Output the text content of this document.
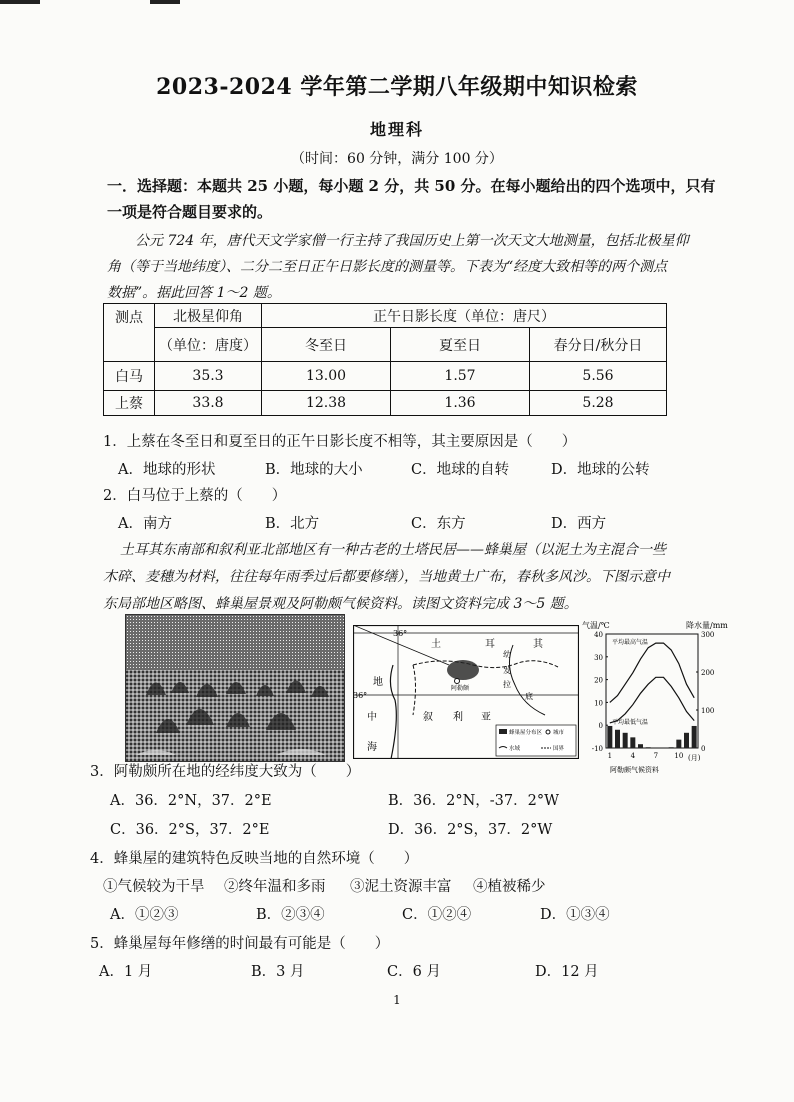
2023-2024 学年第二学期八年级期中知识检索
地理科
（时间：60 分钟，满分 100 分）
一．选择题：本题共 25 小题，每小题 2 分，共 50 分。在每小题给出的四个选项中，只有
一项是符合题目要求的。
公元 724 年，唐代天文学家僧一行主持了我国历史上第一次天文大地测量，包括北极星仰
角（等于当地纬度）、二分二至日正午日影长度的测量等。下表为“经度大致相等的两个测点
数据”。据此回答 1～2 题。
测点	北极星仰角	正午日影长度（单位：唐尺）		
	（单位：唐度）	冬至日	夏至日	春分日/秋分日
白马	35.3	13.00	1.57	5.56
上蔡	33.8	12.38	1.36	5.28
1．上蔡在冬至日和夏至日的正午日影长度不相等，其主要原因是（　　）
A．地球的形状	B．地球的大小	C．地球的自转	D．地球的公转
2．白马位于上蔡的（　　）
A．南方	B．北方	C．东方	D．西方
土耳其东南部和叙利亚北部地区有一种古老的土塔民居——蜂巢屋（以泥土为主混合一些
木碎、麦穗为材料，往往每年雨季过后都要修缮），当地黄土广布，春秋多风沙。下图示意中
东局部地区略图、蜂巢屋景观及阿勒颇气候资料。读图文资料完成 3～5 题。
36°
36°
土	耳	其
地
中
海
叙 利 亚
幼
发
拉
底
阿勒颇
蜂巢屋分布区 城市
水域	国界
气温/℃	降水量/mm
平均最高气温
平均最低气温
(月)
阿勒颇气候资料
40
30
20
10
0
-10
300
200
100
0
1	4	7 10
3．阿勒颇所在地的经纬度大致为（　　）
A．36．2°N，37．2°E	B．36．2°N，-37．2°W
C．36．2°S，37．2°E	D．36．2°S，37．2°W
4．蜂巢屋的建筑特色反映当地的自然环境（　　）
①气候较为干旱 ②终年温和多雨 ③泥土资源丰富 ④植被稀少
A．①②③	B．②③④	C．①②④	D．①③④
5．蜂巢屋每年修缮的时间最有可能是（　　）
A．1 月	B．3 月	C．6 月	D．12 月
1
